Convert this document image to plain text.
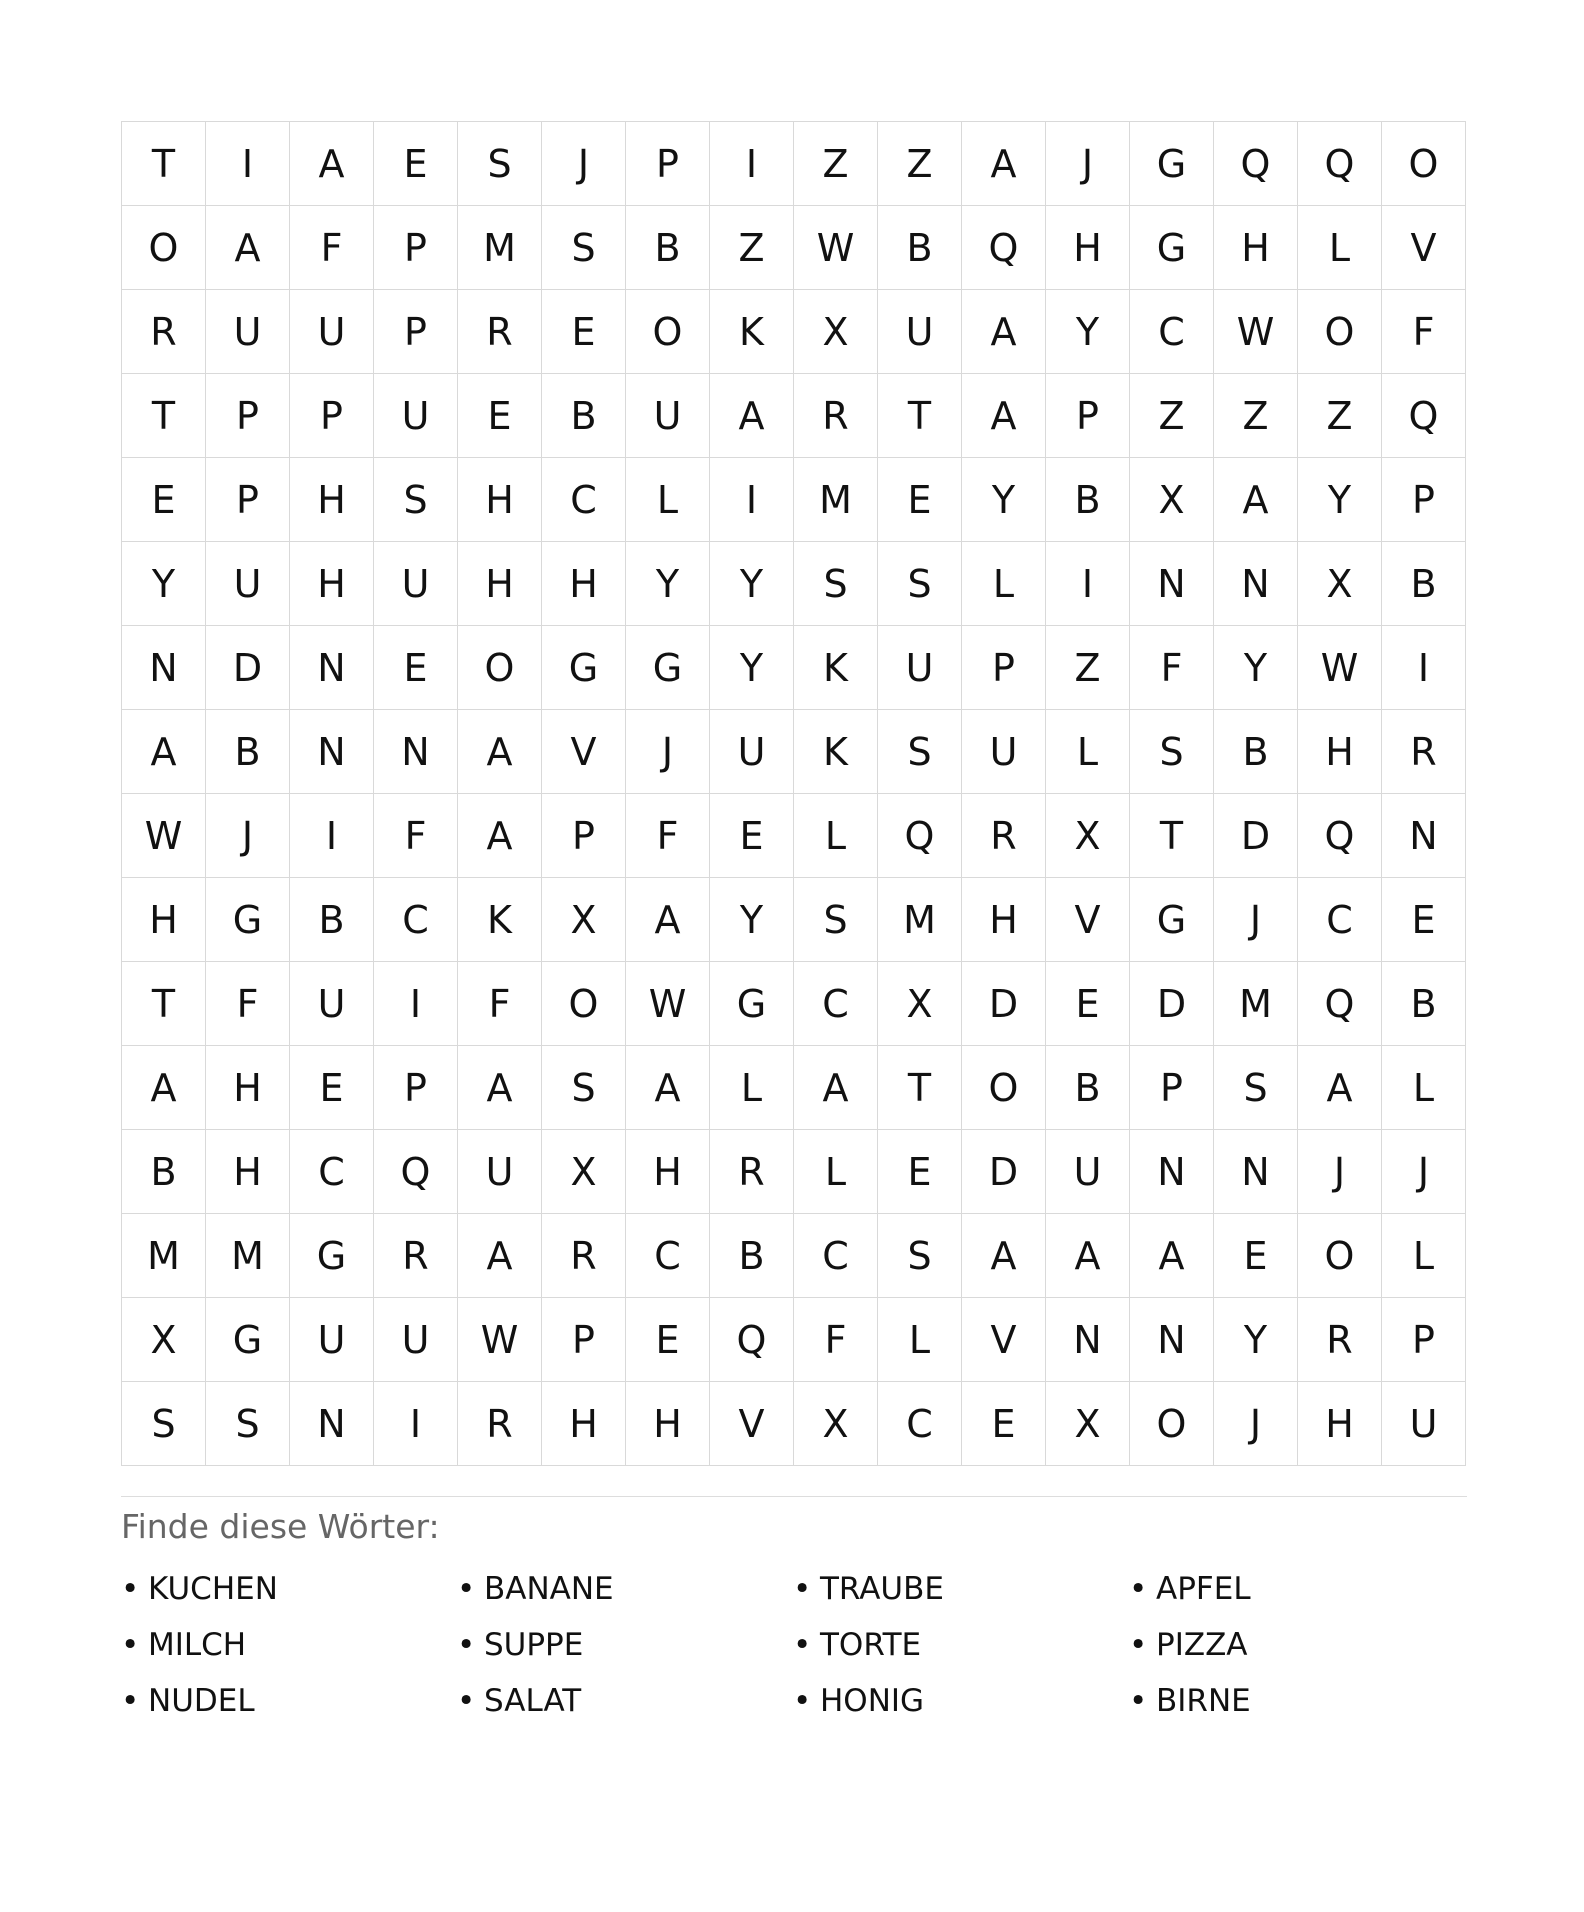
T	I	A	E	S	J	P	I	Z	Z	A	J	G	Q	Q	O
O	A	F	P	M	S	B	Z	W	B	Q	H	G	H	L	V
R	U	U	P	R	E	O	K	X	U	A	Y	C	W	O	F
T	P	P	U	E	B	U	A	R	T	A	P	Z	Z	Z	Q
E	P	H	S	H	C	L	I	M	E	Y	B	X	A	Y	P
Y	U	H	U	H	H	Y	Y	S	S	L	I	N	N	X	B
N	D	N	E	O	G	G	Y	K	U	P	Z	F	Y	W	I
A	B	N	N	A	V	J	U	K	S	U	L	S	B	H	R
W	J	I	F	A	P	F	E	L	Q	R	X	T	D	Q	N
H	G	B	C	K	X	A	Y	S	M	H	V	G	J	C	E
T	F	U	I	F	O	W	G	C	X	D	E	D	M	Q	B
A	H	E	P	A	S	A	L	A	T	O	B	P	S	A	L
B	H	C	Q	U	X	H	R	L	E	D	U	N	N	J	J
M	M	G	R	A	R	C	B	C	S	A	A	A	E	O	L
X	G	U	U	W	P	E	Q	F	L	V	N	N	Y	R	P
S	S	N	I	R	H	H	V	X	C	E	X	O	J	H	U
Finde diese Wörter:
• KUCHEN	• BANANE	• TRAUBE	• APFEL
• MILCH	• SUPPE	• TORTE	• PIZZA
• NUDEL	• SALAT	• HONIG	• BIRNE
